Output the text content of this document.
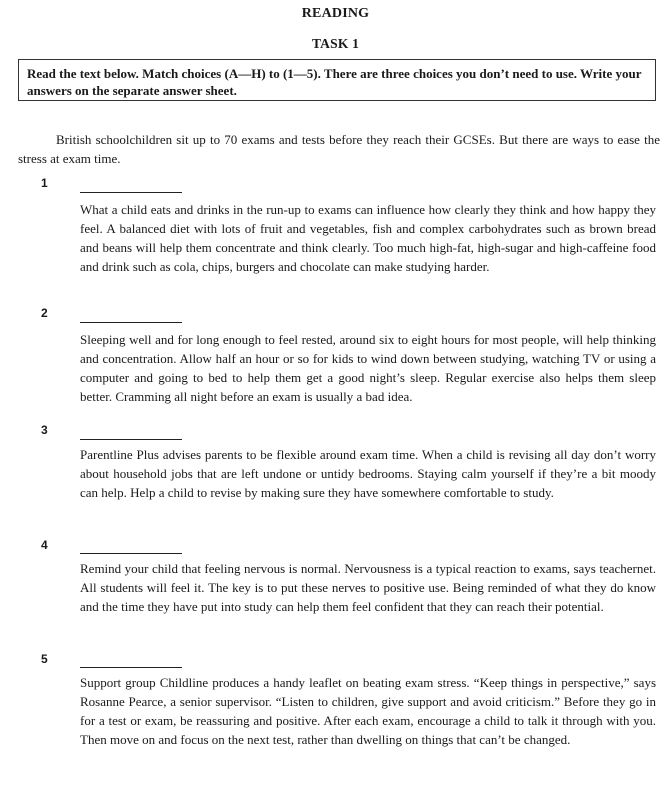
READING
TASK 1
Read the text below. Match choices (A—H) to (1—5). There are three choices you don’t need to use. Write your answers on the separate answer sheet.
British schoolchildren sit up to 70 exams and tests before they reach their GCSEs. But there are ways to ease the stress at exam time.
1
What a child eats and drinks in the run-up to exams can influence how clearly they think and how happy they feel. A balanced diet with lots of fruit and vegetables, fish and complex carbohydrates such as brown bread and beans will help them concentrate and think clearly. Too much high-fat, high-sugar and high-caffeine food and drink such as cola, chips, burgers and chocolate can make studying harder.
2
Sleeping well and for long enough to feel rested, around six to eight hours for most people, will help thinking and concentration. Allow half an hour or so for kids to wind down between studying, watching TV or using a computer and going to bed to help them get a good night’s sleep. Regular exercise also helps them sleep better. Cramming all night before an exam is usually a bad idea.
3
Parentline Plus advises parents to be flexible around exam time. When a child is revising all day don’t worry about household jobs that are left undone or untidy bedrooms. Staying calm yourself if they’re a bit moody can help. Help a child to revise by making sure they have somewhere comfortable to study.
4
Remind your child that feeling nervous is normal. Nervousness is a typical reaction to exams, says teachernet. All students will feel it. The key is to put these nerves to positive use. Being reminded of what they do know and the time they have put into study can help them feel confident that they can reach their potential.
5
Support group Childline produces a handy leaflet on beating exam stress. “Keep things in perspective,” says Rosanne Pearce, a senior supervisor. “Listen to children, give support and avoid criticism.” Before they go in for a test or exam, be reassuring and positive. After each exam, encourage a child to talk it through with you. Then move on and focus on the next test, rather than dwelling on things that can’t be changed.
